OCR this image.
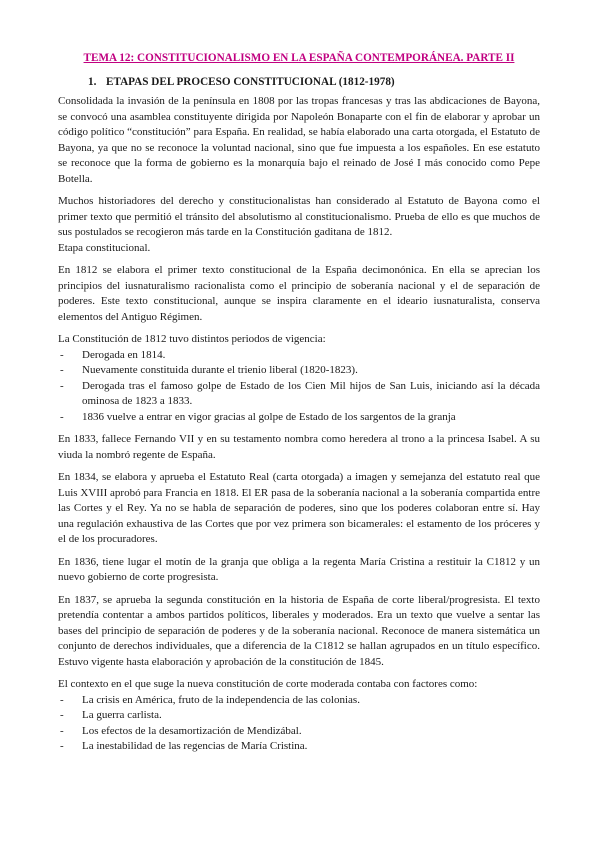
TEMA 12: CONSTITUCIONALISMO EN LA ESPAÑA CONTEMPORÁNEA. PARTE II
1. ETAPAS DEL PROCESO CONSTITUCIONAL (1812-1978)

Consolidada la invasión de la península en 1808 por las tropas francesas y tras las abdicaciones de Bayona, se convocó una asamblea constituyente dirigida por Napoleón Bonaparte con el fin de elaborar y aprobar un código político “constitución” para España. En realidad, se había elaborado una carta otorgada, el Estatuto de Bayona, ya que no se reconoce la voluntad nacional, sino que fue impuesta a los españoles. En ese estatuto se reconoce que la forma de gobierno es la monarquía bajo el reinado de José I más conocido como Pepe Botella.

Muchos historiadores del derecho y constitucionalistas han considerado al Estatuto de Bayona como el primer texto que permitió el tránsito del absolutismo al constitucionalismo. Prueba de ello es que muchos de sus postulados se recogieron más tarde en la Constitución gaditana de 1812.

Etapa constitucional.

En 1812 se elabora el primer texto constitucional de la España decimonónica. En ella se aprecian los principios del iusnaturalismo racionalista como el principio de soberanía nacional y el de separación de poderes. Este texto constitucional, aunque se inspira claramente en el ideario iusnaturalista, conserva elementos del Antiguo Régimen.

La Constitución de 1812 tuvo distintos periodos de vigencia:

- Derogada en 1814.
- Nuevamente constituida durante el trienio liberal (1820-1823).
- Derogada tras el famoso golpe de Estado de los Cien Mil hijos de San Luis, iniciando así la década ominosa de 1823 a 1833.
- 1836 vuelve a entrar en vigor gracias al golpe de Estado de los sargentos de la granja

En 1833, fallece Fernando VII y en su testamento nombra como heredera al trono a la princesa Isabel. A su viuda la nombró regente de España.

En 1834, se elabora y aprueba el Estatuto Real (carta otorgada) a imagen y semejanza del estatuto real que Luis XVIII aprobó para Francia en 1818. El ER pasa de la soberanía nacional a la soberanía compartida entre las Cortes y el Rey. Ya no se habla de separación de poderes, sino que los poderes colaboran entre sí. Hay una regulación exhaustiva de las Cortes que por vez primera son bicamerales: el estamento de los próceres y el de los procuradores.

En 1836, tiene lugar el motín de la granja que obliga a la regenta María Cristina a restituir la C1812 y un nuevo gobierno de corte progresista.

En 1837, se aprueba la segunda constitución en la historia de España de corte liberal/progresista. El texto pretendía contentar a ambos partidos políticos, liberales y moderados. Era un texto que vuelve a sentar las bases del principio de separación de poderes y de la soberanía nacional. Reconoce de manera sistemática un conjunto de derechos individuales, que a diferencia de la C1812 se hallan agrupados en un título específico. Estuvo vigente hasta elaboración y aprobación de la constitución de 1845.

El contexto en el que suge la nueva constitución de corte moderada contaba con factores como:

- La crisis en América, fruto de la independencia de las colonias.
- La guerra carlista.
- Los efectos de la desamortización de Mendizábal.
- La inestabilidad de las regencias de María Cristina.
